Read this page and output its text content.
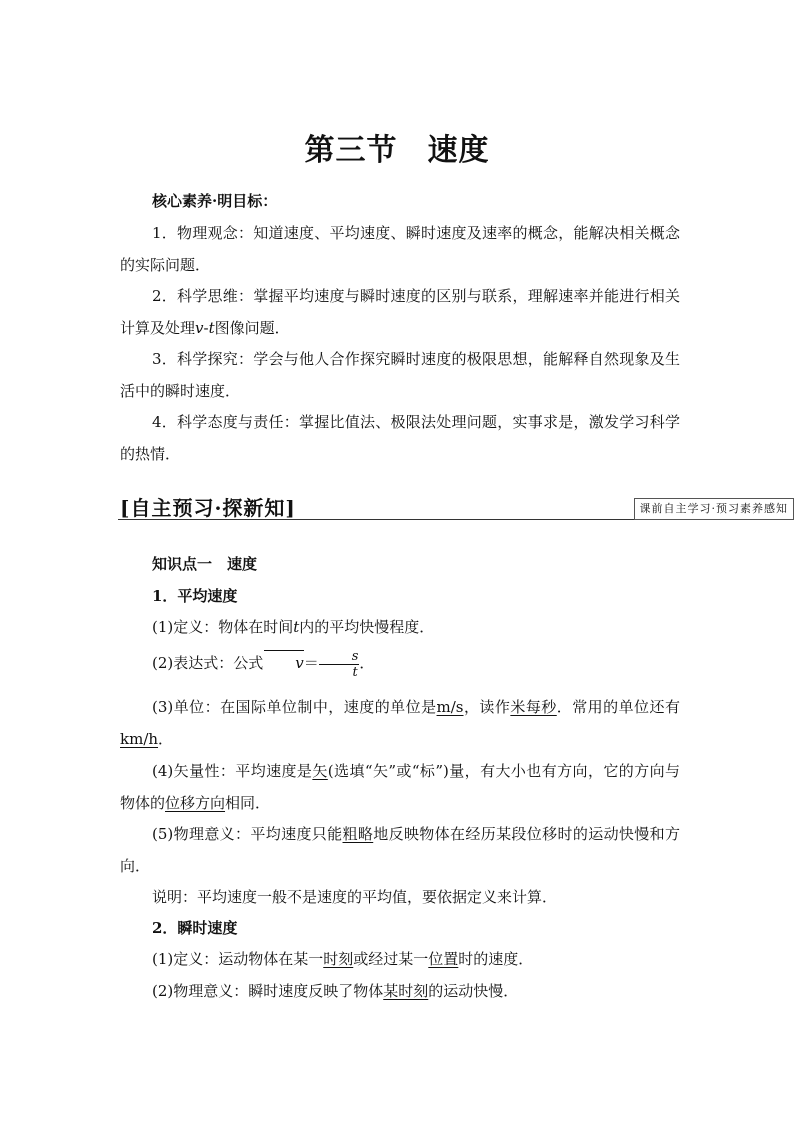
第三节 速度
核心素养·明目标：
1．物理观念：知道速度、平均速度、瞬时速度及速率的概念，能解决相关概念的实际问题．
2．科学思维：掌握平均速度与瞬时速度的区别与联系，理解速率并能进行相关计算及处理v-t图像问题．
3．科学探究：学会与他人合作探究瞬时速度的极限思想，能解释自然现象及生活中的瞬时速度．
4．科学态度与责任：掌握比值法、极限法处理问题，实事求是，激发学习科学的热情．
[自主预习·探新知]	课前自主学习·预习素养感知
知识点一　速度
1．平均速度
(1)定义：物体在时间t内的平均快慢程度．
(2)表达式：公式 $v= \frac{s}{t}$ ．
(3)单位：在国际单位制中，速度的单位是m/s，读作米每秒．常用的单位还有km/h．
(4)矢量性：平均速度是矢(选填“矢”或“标”)量，有大小也有方向，它的方向与物体的位移方向相同．
(5)物理意义：平均速度只能粗略地反映物体在经历某段位移时的运动快慢和方向．
说明：平均速度一般不是速度的平均值，要依据定义来计算．
2．瞬时速度
(1)定义：运动物体在某一时刻或经过某一位置时的速度．
(2)物理意义：瞬时速度反映了物体某时刻的运动快慢．
